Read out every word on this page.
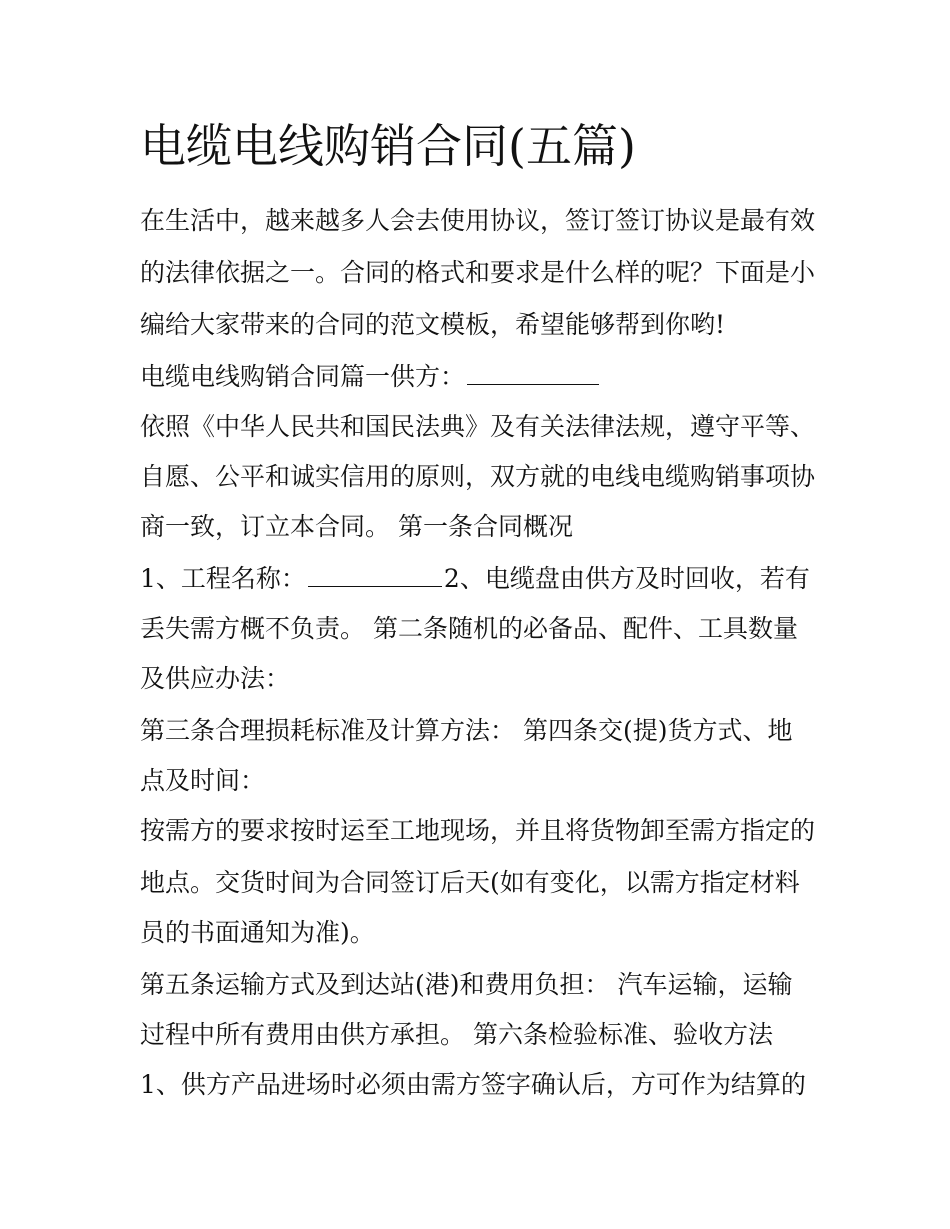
电缆电线购销合同(五篇)

在生活中，越来越多人会去使用协议，签订签订协议是最有效

的法律依据之一。合同的格式和要求是什么样的呢？下面是小

编给大家带来的合同的范文模板，希望能够帮到你哟!

电缆电线购销合同篇一供方：

依照《中华人民共和国民法典》及有关法律法规，遵守平等、

自愿、公平和诚实信用的原则，双方就的电线电缆购销事项协

商一致，订立本合同。 第一条合同概况

1、工程名称：	2、电缆盘由供方及时回收，若有

丢失需方概不负责。 第二条随机的必备品、配件、工具数量

及供应办法：

第三条合理损耗标准及计算方法： 第四条交(提)货方式、地

点及时间：

按需方的要求按时运至工地现场，并且将货物卸至需方指定的

地点。交货时间为合同签订后天(如有变化，以需方指定材料

员的书面通知为准)。

第五条运输方式及到达站(港)和费用负担： 汽车运输，运输

过程中所有费用由供方承担。 第六条检验标准、验收方法

1、供方产品进场时必须由需方签字确认后，方可作为结算的
